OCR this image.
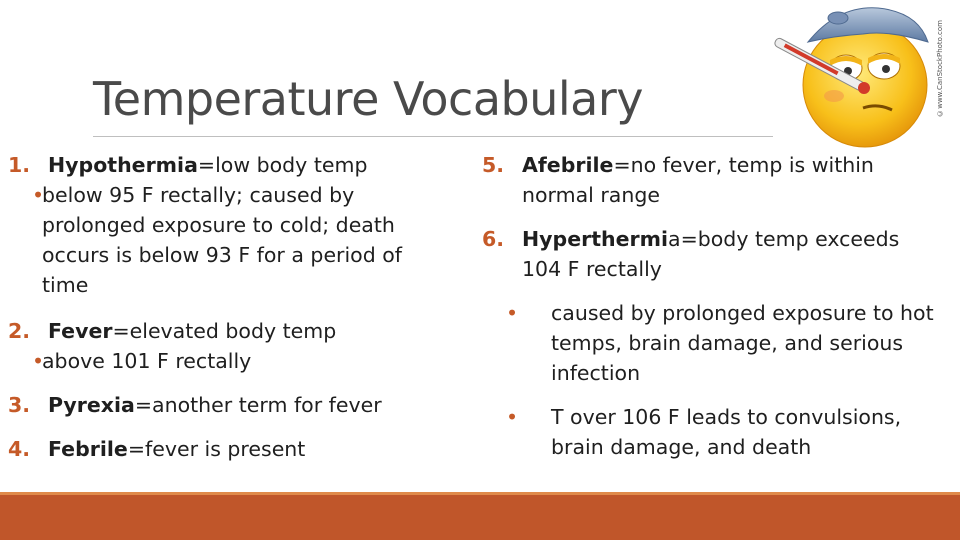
Temperature Vocabulary	©www.CanStockPhoto.com
1. Hypothermia=low body temp
•
below 95 F rectally; caused by prolonged exposure to cold; death occurs is below 93 F for a period of time
2. Fever=elevated body temp
•
above 101 F rectally
3. Pyrexia=another term for fever
4. Febrile=fever is present
5. Afebrile=no fever, temp is within normal range
6. Hyperthermia=body temp exceeds 104 F rectally
•	caused by prolonged exposure to hot temps, brain damage, and serious infection
•	T over 106 F leads to convulsions, brain damage, and death
